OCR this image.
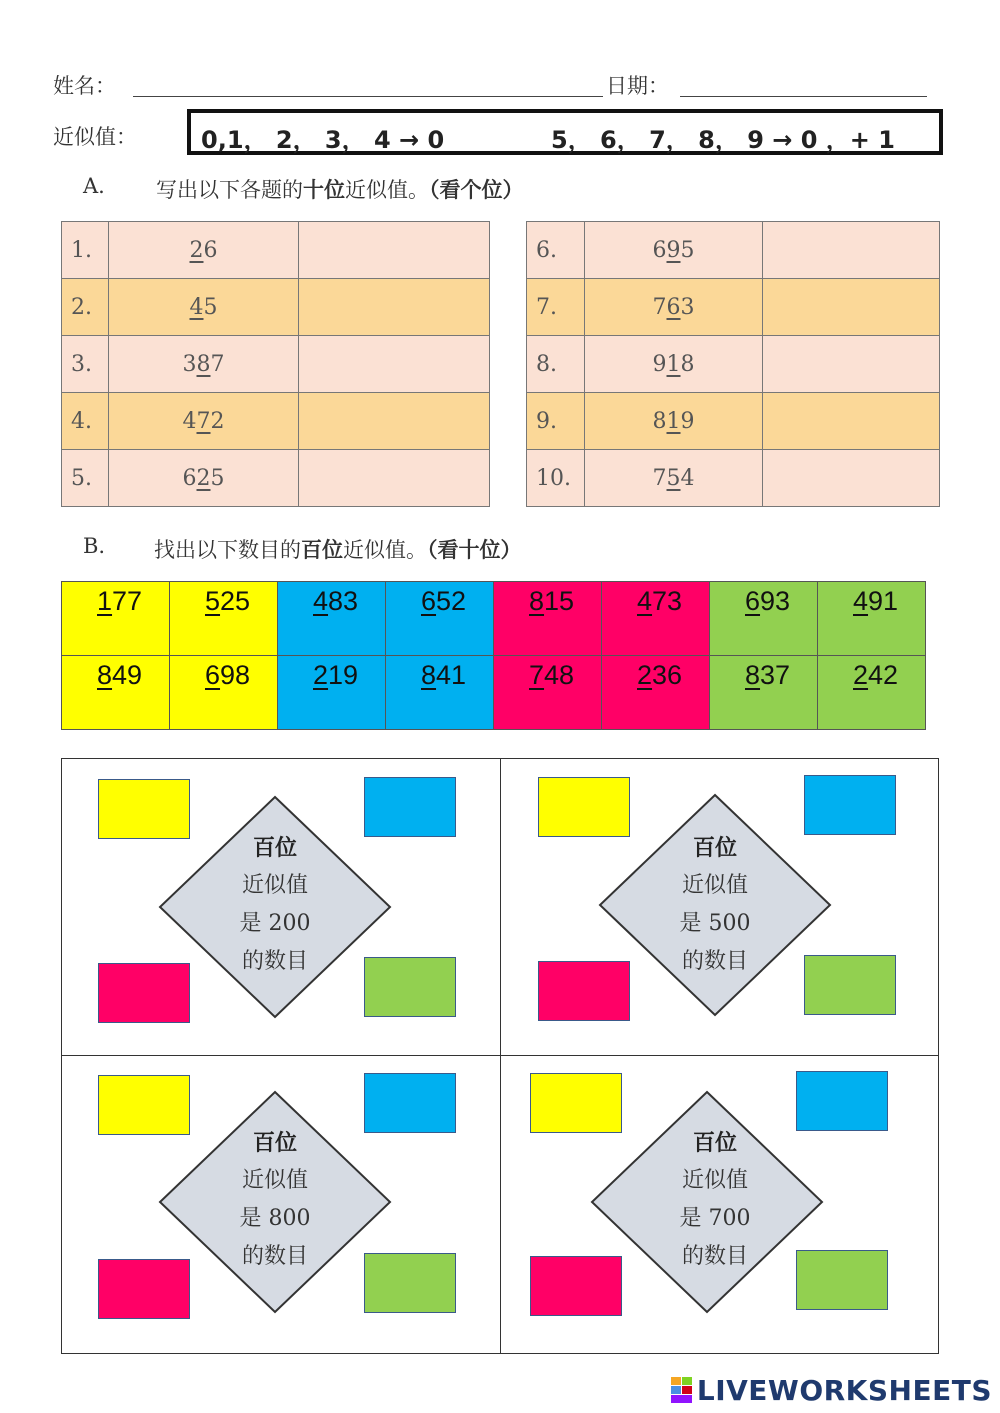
姓名：	日期：
近似值：	0,1， 2， 3， 4 → 0	5， 6， 7， 8， 9 → 0 ，+ 1
A. 写出以下各题的十位近似值。（看个位）
1.	26	
2.	45	
3.	387	
4.	472	
5.	625	
6.	695	
7.	763	
8.	918	
9.	819	
10.	754	
B. 找出以下数目的百位近似值。（看十位）
177	525	483	652	815	473	693	491

849	698	219	841	748	236	837	242
百位
近似值
是 200
的数目
百位
近似值
是 500
的数目
百位
近似值
是 800
的数目
百位
近似值
是 700
的数目
LIVEWORKSHEETS
